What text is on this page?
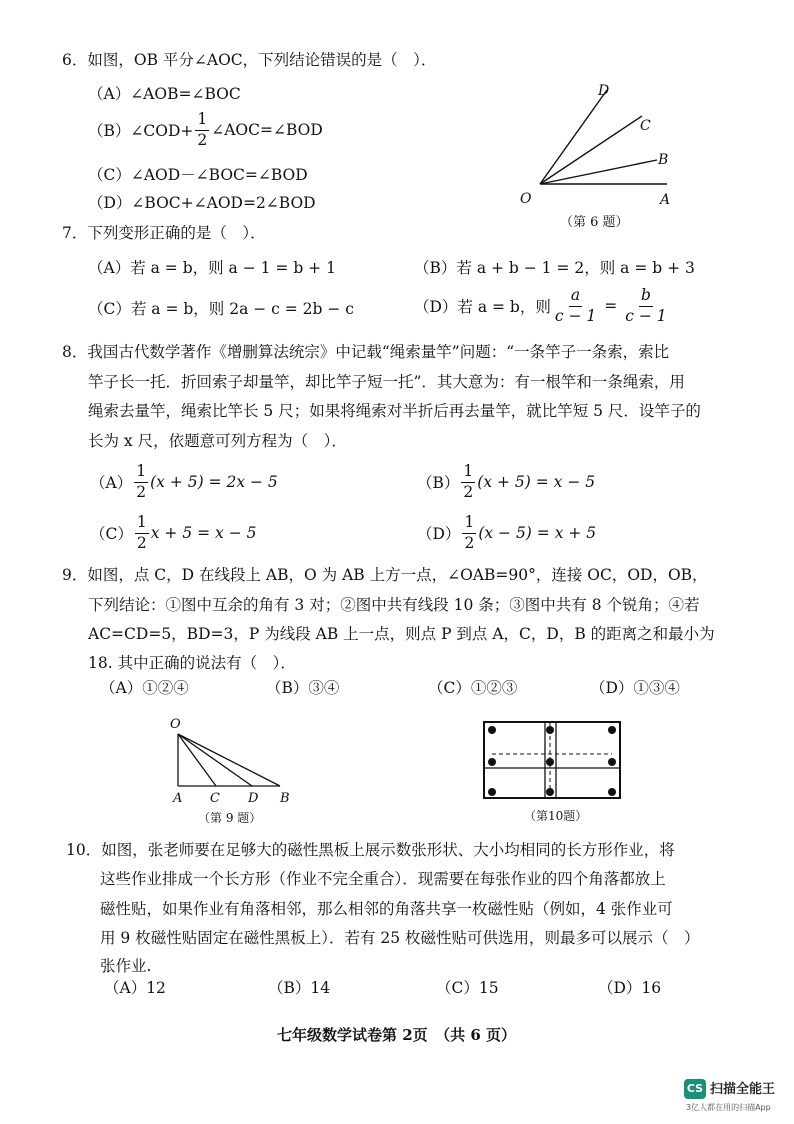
6．如图，OB 平分∠AOC，下列结论错误的是（　）．
（A）∠AOB=∠BOC
（B）∠COD+ $\frac{1}{2}$ ∠AOC=∠BOD
（C）∠AOD－∠BOC=∠BOD
（D）∠BOC+∠AOD=2∠BOD	O	A
B
C
D
（第 6 题）
7．下列变形正确的是（　）．
（A）若 a = b，则 a − 1 = b + 1	（B）若 a + b − 1 = 2，则 a = b + 3
（C）若 a = b，则 2a − c = 2b − c	（D）若 a = b，则 $\frac{a}{c - 1} = \frac{b}{c - 1}$
8．我国古代数学著作《增删算法统宗》中记载“绳索量竿”问题：“一条竿子一条索，索比
竿子长一托．折回索子却量竿，却比竿子短一托”．其大意为：有一根竿和一条绳索，用
绳索去量竿，绳索比竿长 5 尺；如果将绳索对半折后再去量竿，就比竿短 5 尺．设竿子的
长为 x 尺，依题意可列方程为（　）．
$(A) \frac{1}{2} (x + 5) = 2x - 5$	$(B) \frac{1}{2} (x + 5) = x - 5$
$(C) \frac{1}{2}$ x + 5 = x − 5	$(D) \frac{1}{2} (x - 5) = x + 5$
9．如图，点 C，D 在线段上 AB，O 为 AB 上方一点，∠OAB=90°，连接 OC，OD，OB，
下列结论：①图中互余的角有 3 对；②图中共有线段 10 条；③图中共有 8 个锐角；④若
AC=CD=5，BD=3，P 为线段 AB 上一点，则点 P 到点 A，C，D，B 的距离之和最小为
18. 其中正确的说法有（　）．
（A）①②④	（B）③④	（C）①②③	（D）①③④
O
A C D B
（第 9 题）	（第10题）
10．如图，张老师要在足够大的磁性黑板上展示数张形状、大小均相同的长方形作业，将
这些作业排成一个长方形（作业不完全重合）．现需要在每张作业的四个角落都放上
磁性贴，如果作业有角落相邻，那么相邻的角落共享一枚磁性贴（例如，4 张作业可
用 9 枚磁性贴固定在磁性黑板上）．若有 25 枚磁性贴可供选用，则最多可以展示（　）
张作业.
（A）12	（B）14	（C）15	（D）16
七年级数学试卷第 2页　（共 6 页）
CS 扫描全能王
3亿人都在用的扫描App
